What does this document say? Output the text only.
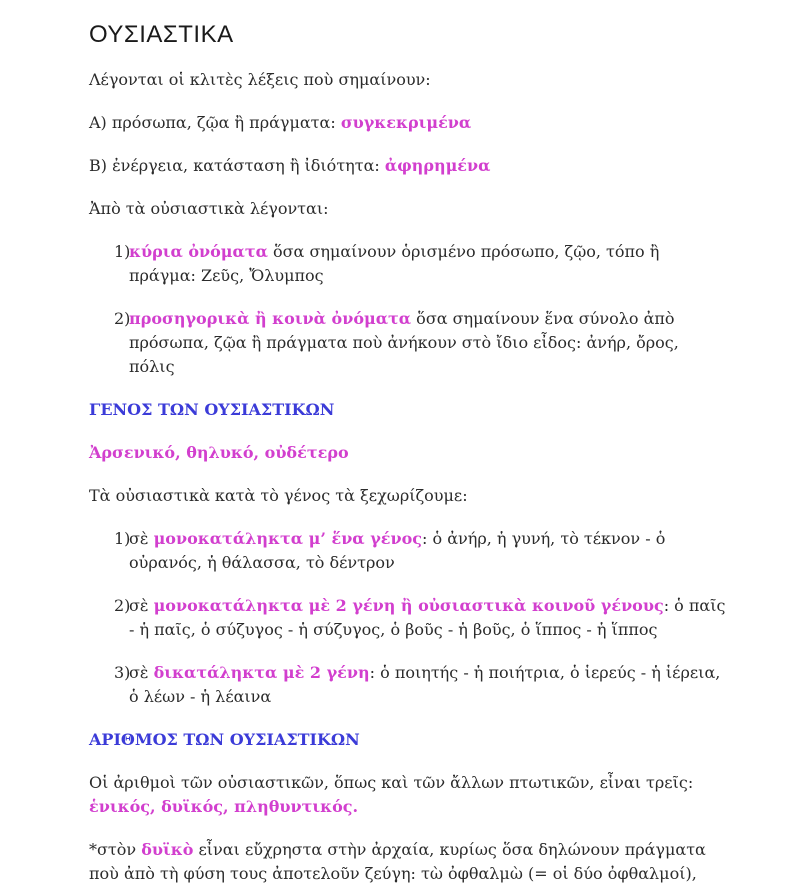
ΟΥΣΙΑΣΤΙΚΑ

Λέγονται οἱ κλιτὲς λέξεις ποὺ σημαίνουν:

Α) πρόσωπα, ζῷα ἢ πράγματα: συγκεκριμένα

Β) ἐνέργεια, κατάσταση ἢ ἰδιότητα: ἀφηρημένα

Ἀπὸ τὰ οὐσιαστικὰ λέγονται:

1)
κύρια ὀνόματα ὅσα σημαίνουν ὁρισμένο πρόσωπο, ζῷο, τόπο ἢ πράγμα: Ζεῦς, Ὄλυμπος
2)
προσηγορικὰ ἢ κοινὰ ὀνόματα ὅσα σημαίνουν ἕνα σύνολο ἀπὸ πρόσωπα, ζῷα ἢ πράγματα ποὺ ἀνήκουν στὸ ἴδιο εἶδος: ἀνήρ, ὄρος, πόλις
ΓΕΝΟΣ ΤΩΝ ΟΥΣΙΑΣΤΙΚΩΝ
Ἀρσενικό, θηλυκό, οὐδέτερο

Τὰ οὐσιαστικὰ κατὰ τὸ γένος τὰ ξεχωρίζουμε:

1)
σὲ μονοκατάληκτα μ’ ἕνα γένος: ὁ ἀνήρ, ἡ γυνή, τὸ τέκνον - ὁ οὐρανός, ἡ θάλασσα, τὸ δέντρον
2)
σὲ μονοκατάληκτα μὲ 2 γένη ἢ οὐσιαστικὰ κοινοῦ γένους: ὁ παῖς - ἡ παῖς, ὁ σύζυγος - ἡ σύζυγος, ὁ βοῦς - ἡ βοῦς, ὁ ἵππος - ἡ ἵππος
3)
σὲ δικατάληκτα μὲ 2 γένη: ὁ ποιητής - ἡ ποιήτρια, ὁ ἱερεύς - ἡ ἱέρεια, ὁ λέων - ἡ λέαινα
ΑΡΙΘΜΟΣ ΤΩΝ ΟΥΣΙΑΣΤΙΚΩΝ

Οἱ ἀριθμοὶ τῶν οὐσιαστικῶν, ὅπως καὶ τῶν ἄλλων πτωτικῶν, εἶναι τρεῖς: ἑνικός, δυϊκός, πληθυντικός.

*στὸν δυϊκὸ εἶναι εὔχρηστα στὴν ἀρχαία, κυρίως ὅσα δηλώνουν πράγματα ποὺ ἀπὸ τὴ φύση τους ἀποτελοῦν ζεύγη: τὼ ὀφθαλμὼ (= οἱ δύο ὀφθαλμοί),
